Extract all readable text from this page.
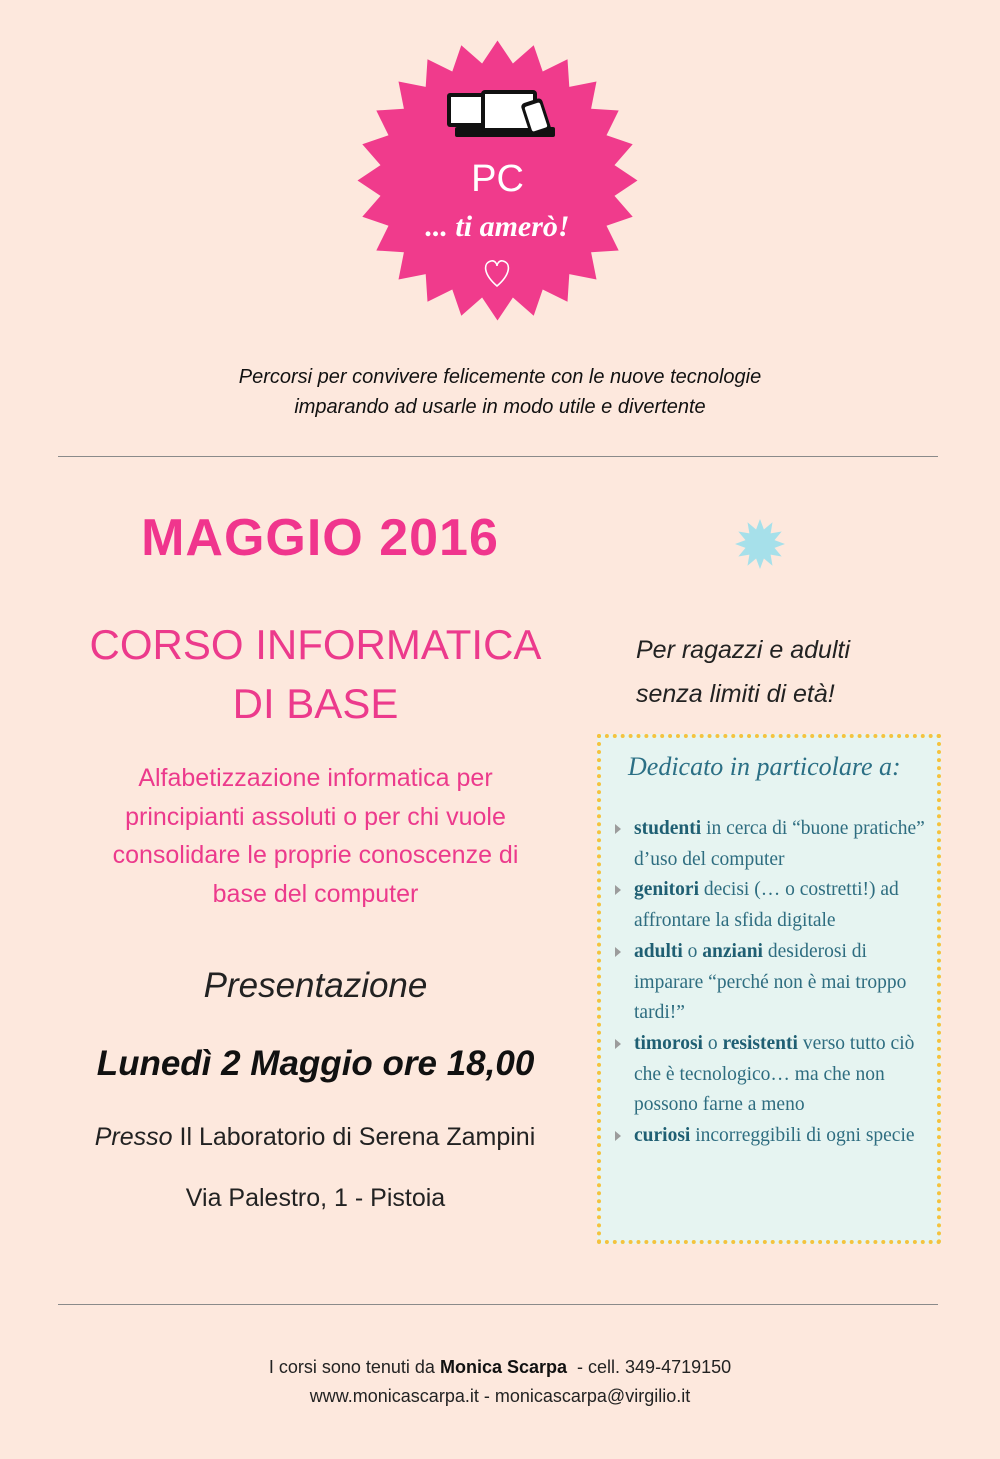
PC
... ti amerò!
Percorsi per convivere felicemente con le nuove tecnologie
imparando ad usarle in modo utile e divertente
MAGGIO 2016
CORSO INFORMATICA
DI BASE
Alfabetizzazione informatica per
principianti assoluti o per chi vuole
consolidare le proprie conoscenze di
base del computer
Presentazione
Lunedì 2 Maggio ore 18,00
Presso Il Laboratorio di Serena Zampini
Via Palestro, 1 - Pistoia
Per ragazzi e adulti
senza limiti di età!
Dedicato in particolare a:
studenti in cerca di “buone pratiche” d’uso del computer
genitori decisi (… o costretti!) ad affrontare la sfida digitale
adulti o anziani desiderosi di imparare “perché non è mai troppo tardi!”
timorosi o resistenti verso tutto ciò che è tecnologico… ma che non possono farne a meno
curiosi incorreggibili di ogni specie
I corsi sono tenuti da Monica Scarpa - cell. 349-4719150
www.monicascarpa.it - monicascarpa@virgilio.it
